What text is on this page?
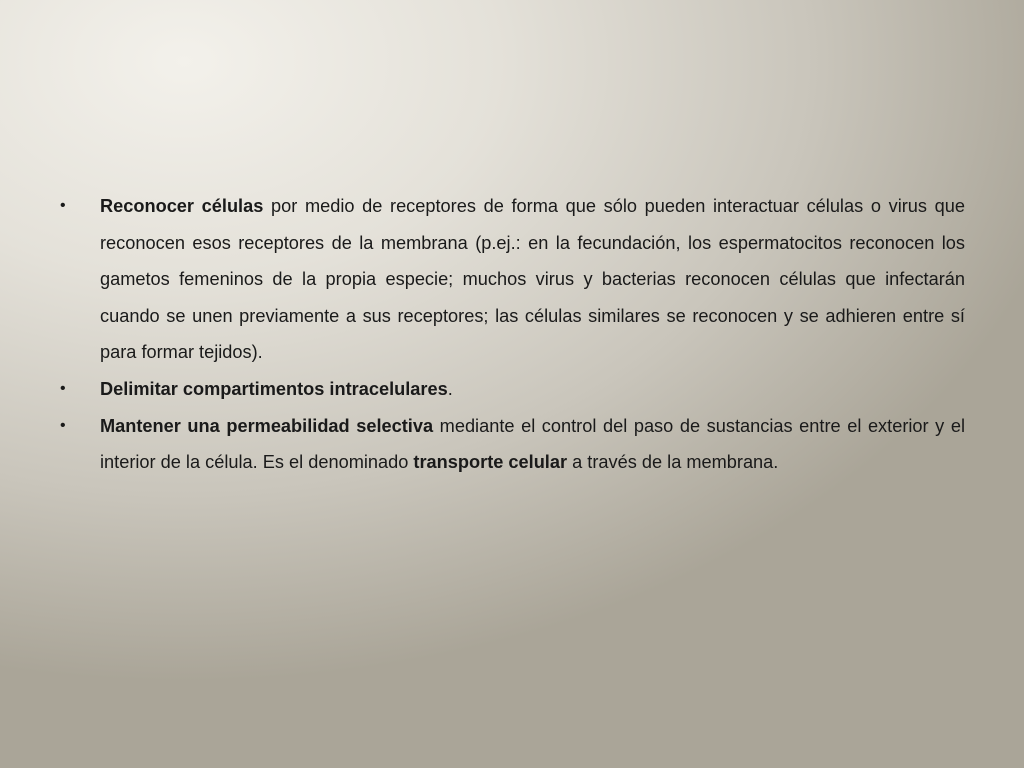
•	Reconocer células por medio de receptores de forma que sólo pueden interactuar células o virus que reconocen esos receptores de la membrana (p.ej.: en la fecundación, los espermatocitos reconocen los gametos femeninos de la propia especie; muchos virus y bacterias reconocen células que infectarán cuando se unen previamente a sus receptores; las células similares se reconocen y se adhieren entre sí para formar tejidos).
•	Delimitar compartimentos intracelulares.
•	Mantener una permeabilidad selectiva mediante el control del paso de sustancias entre el exterior y el interior de la célula. Es el denominado transporte celular a través de la membrana.
